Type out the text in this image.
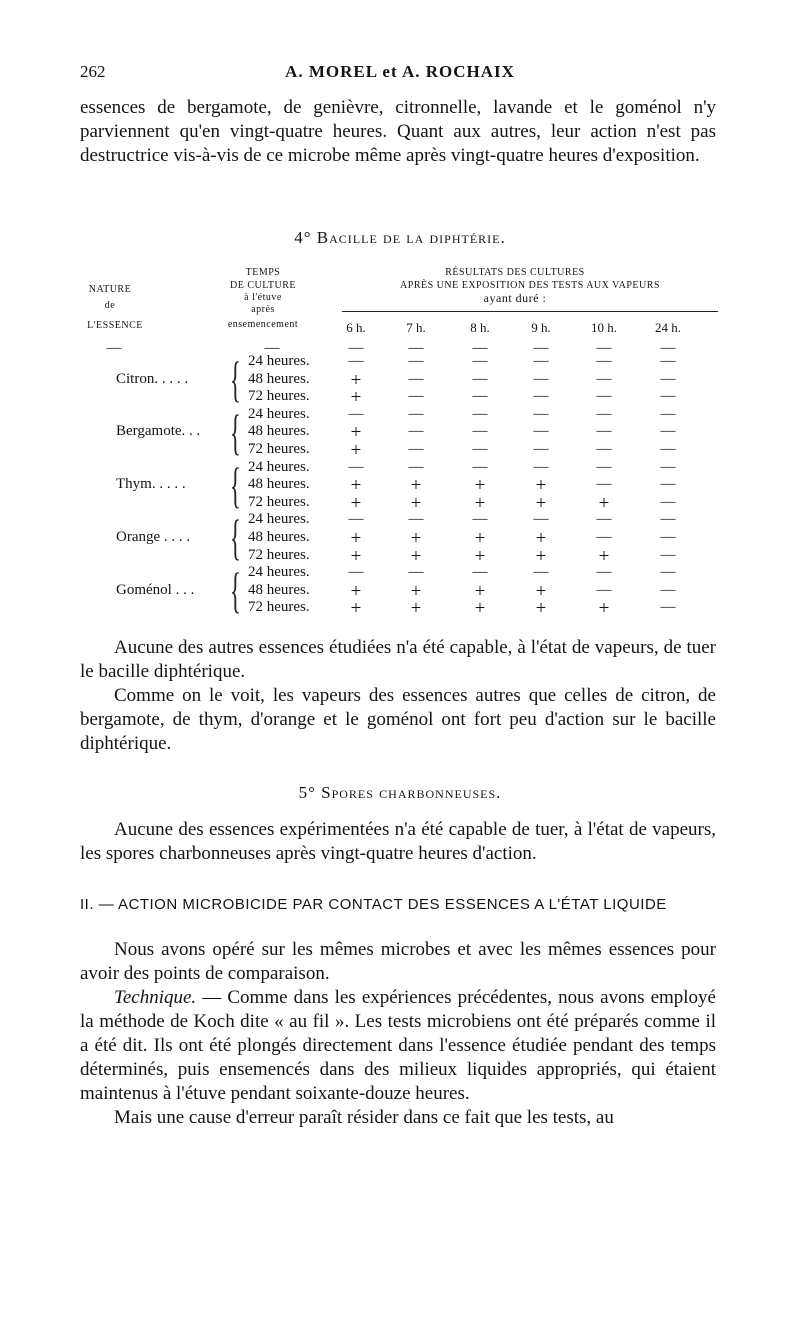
262	A. MOREL et A. ROCHAIX

essences de bergamote, de genièvre, citronnelle, lavande et le goménol n'y parviennent qu'en vingt-quatre heures. Quant aux autres, leur action n'est pas destructrice vis-à-vis de ce microbe même après vingt-quatre heures d'exposition.

4° Bacille de la diphtérie.
NATURE
de
L'ESSENCE
TEMPS
DE CULTURE
à l'étuve
après
ensemencement
RÉSULTATS DES CULTURES
APRÈS UNE EXPOSITION DES TESTS AUX VAPEURS
ayant duré :
6 h.	7 h.	8 h.	9 h.	10 h.	24 h.
—	—	—	—	—	—	—	—
Citron. . . . . { 24 heures.	—	—	—	—	—	—
48 heures.	+	—	—	—	—	—
72 heures.	+	—	—	—	—	—
Bergamote. . . { 24 heures.	—	—	—	—	—	—
48 heures.	+	—	—	—	—	—
72 heures.	+	—	—	—	—	—
Thym. . . . . { 24 heures.	—	—	—	—	—	—
48 heures.	+	+	+	+	—	—
72 heures.	+	+	+	+	+	—
Orange . . . . { 24 heures.	—	—	—	—	—	—
48 heures.	+	+	+	+	—	—
72 heures.	+	+	+	+	+	—
Goménol . . . { 24 heures.	—	—	—	—	—	—
48 heures.	+	+	+	+	—	—
72 heures.	+	+	+	+	+	—

Aucune des autres essences étudiées n'a été capable, à l'état de vapeurs, de tuer le bacille diphtérique.

Comme on le voit, les vapeurs des essences autres que celles de citron, de bergamote, de thym, d'orange et le goménol ont fort peu d'action sur le bacille diphtérique.

5° Spores charbonneuses.

Aucune des essences expérimentées n'a été capable de tuer, à l'état de vapeurs, les spores charbonneuses après vingt-quatre heures d'action.

II. — ACTION MICROBICIDE PAR CONTACT DES ESSENCES A L'ÉTAT LIQUIDE

Nous avons opéré sur les mêmes microbes et avec les mêmes essences pour avoir des points de comparaison.

Technique. — Comme dans les expériences précédentes, nous avons employé la méthode de Koch dite « au fil ». Les tests microbiens ont été préparés comme il a été dit. Ils ont été plongés directement dans l'essence étudiée pendant des temps déterminés, puis ensemencés dans des milieux liquides appropriés, qui étaient maintenus à l'étuve pendant soixante-douze heures.

Mais une cause d'erreur paraît résider dans ce fait que les tests, au
